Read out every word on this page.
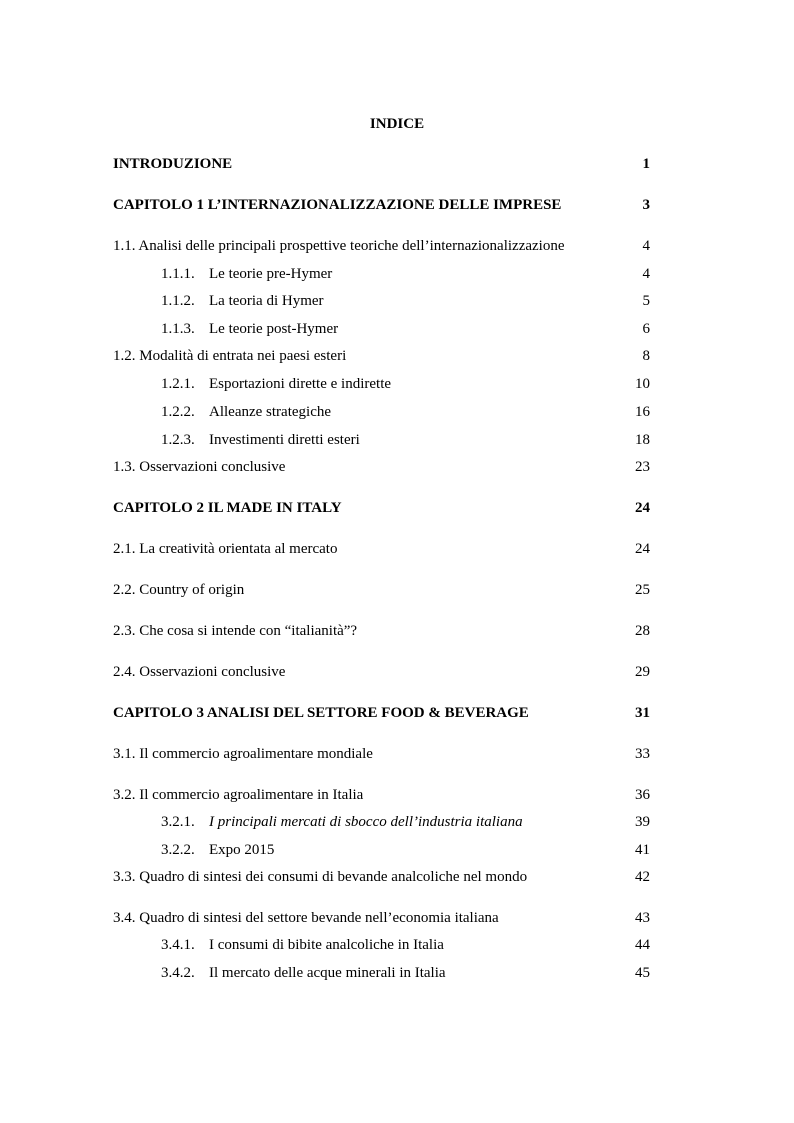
INDICE
INTRODUZIONE	1
CAPITOLO 1 L’INTERNAZIONALIZZAZIONE DELLE IMPRESE	3
1.1. Analisi delle principali prospettive teoriche dell’internazionalizzazione	4
1.1.1. Le teorie pre-Hymer	4
1.1.2. La teoria di Hymer	5
1.1.3. Le teorie post-Hymer	6
1.2. Modalità di entrata nei paesi esteri	8
1.2.1. Esportazioni dirette e indirette	10
1.2.2. Alleanze strategiche	16
1.2.3. Investimenti diretti esteri	18
1.3. Osservazioni conclusive	23
CAPITOLO 2 IL MADE IN ITALY	24
2.1. La creatività orientata al mercato	24
2.2. Country of origin	25
2.3. Che cosa si intende con “italianità”?	28
2.4. Osservazioni conclusive	29
CAPITOLO 3 ANALISI DEL SETTORE FOOD & BEVERAGE	31
3.1. Il commercio agroalimentare mondiale	33
3.2. Il commercio agroalimentare in Italia	36
3.2.1. I principali mercati di sbocco dell’industria italiana	39
3.2.2. Expo 2015	41
3.3. Quadro di sintesi dei consumi di bevande analcoliche nel mondo	42
3.4. Quadro di sintesi del settore bevande nell’economia italiana	43
3.4.1. I consumi di bibite analcoliche in Italia	44
3.4.2. Il mercato delle acque minerali in Italia	45
